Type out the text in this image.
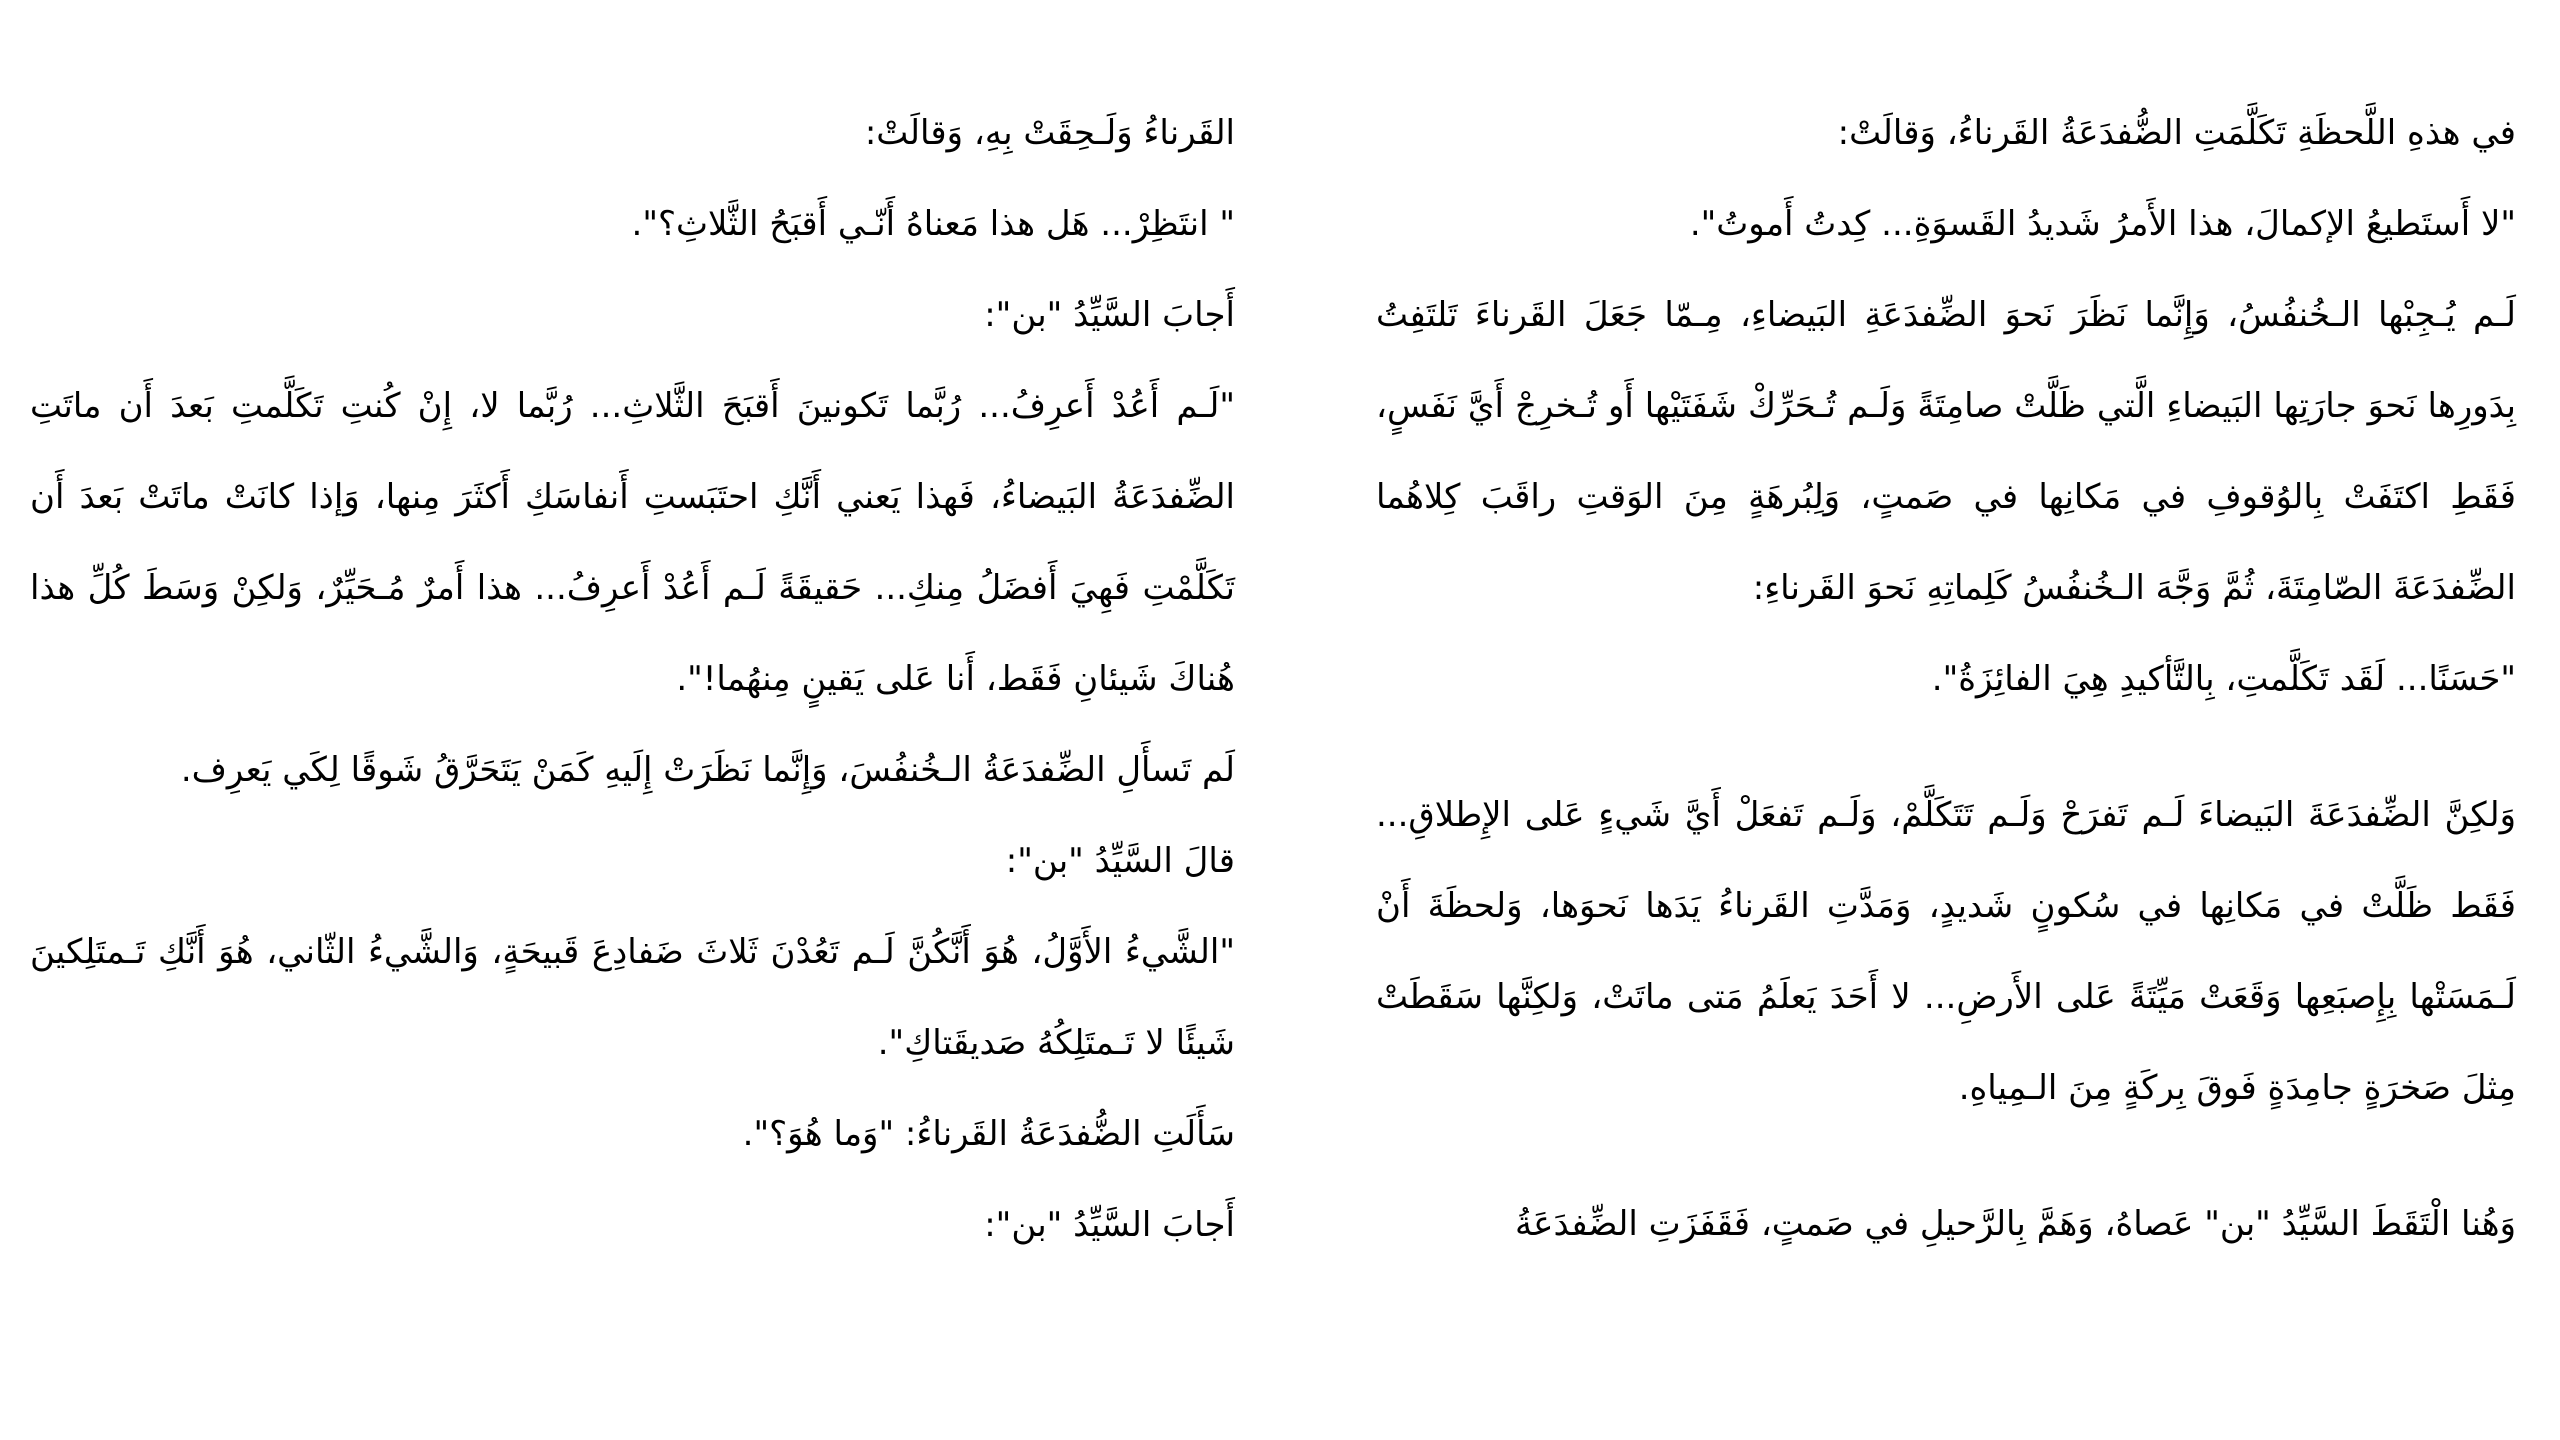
في هذهِ اللَّحظَةِ تَكَلَّمَتِ الضُّفدَعَةُ القَرناءُ، وَقالَتْ:

"لا أَستَطيعُ الإكمالَ، هذا الأَمرُ شَديدُ القَسوَةِ... كِدتُ أَموتُ".

لَـم يُـجِبْها الـخُنفُسُ، وَإِنَّما نَظَرَ نَحوَ الضِّفدَعَةِ البَيضاءِ، مِـمّا جَعَلَ القَرناءَ تَلتَفِتُ بِدَورِها نَحوَ جارَتِها البَيضاءِ الَّتي ظَلَّتْ صامِتَةً وَلَـم تُـحَرِّكْ شَفَتَيْها أَو تُـخرِجْ أَيَّ نَفَسٍ، فَقَطِ اكتَفَتْ بِالوُقوفِ في مَكانِها في صَمتٍ، وَلِبُرهَةٍ مِنَ الوَقتِ راقَبَ كِلاهُما الضِّفدَعَةَ الصّامِتَةَ، ثُمَّ وَجَّهَ الـخُنفُسُ كَلِماتِهِ نَحوَ القَرناءِ:

"حَسَنًا... لَقَد تَكَلَّمتِ، بِالتَّأكيدِ هِيَ الفائِزَةُ".

وَلكِنَّ الضِّفدَعَةَ البَيضاءَ لَـم تَفرَحْ وَلَـم تَتَكَلَّمْ، وَلَـم تَفعَلْ أَيَّ شَيءٍ عَلى الإِطلاقِ... فَقَط ظَلَّتْ في مَكانِها في سُكونٍ شَديدٍ، وَمَدَّتِ القَرناءُ يَدَها نَحوَها، وَلحظَةَ أَنْ لَـمَسَتْها بِإِصبَعِها وَقَعَتْ مَيِّتَةً عَلى الأَرضِ... لا أَحَدَ يَعلَمُ مَتى ماتَتْ، وَلكِنَّها سَقَطَتْ مِثلَ صَخرَةٍ جامِدَةٍ فَوقَ بِركَةٍ مِنَ الـمِياهِ.

وَهُنا الْتَقَطَ السَّيِّدُ "بن" عَصاهُ، وَهَمَّ بِالرَّحيلِ في صَمتٍ، فَقَفَزَتِ الضِّفدَعَةُ

القَرناءُ وَلَـحِقَتْ بِهِ، وَقالَتْ:

" انتَظِرْ... هَل هذا مَعناهُ أَنّـي أَقبَحُ الثَّلاثِ؟".

أَجابَ السَّيِّدُ "بن":

"لَـم أَعُدْ أَعرِفُ... رُبَّما تَكونينَ أَقبَحَ الثَّلاثِ... رُبَّما لا، إِنْ كُنتِ تَكَلَّمتِ بَعدَ أَن ماتَتِ الضِّفدَعَةُ البَيضاءُ، فَهذا يَعني أَنَّكِ احتَبَستِ أَنفاسَكِ أَكثَرَ مِنها، وَإذا كانَتْ ماتَتْ بَعدَ أَن تَكَلَّمْتِ فَهِيَ أَفضَلُ مِنكِ... حَقيقَةً لَـم أَعُدْ أَعرِفُ... هذا أَمرٌ مُـحَيِّرٌ، وَلكِنْ وَسَطَ كُلِّ هذا هُناكَ شَيئانِ فَقَط، أَنا عَلى يَقينٍ مِنهُما!".

لَم تَسأَلِ الضِّفدَعَةُ الـخُنفُسَ، وَإِنَّما نَظَرَتْ إِلَيهِ كَمَنْ يَتَحَرَّقُ شَوقًا لِكَي يَعرِف.

قالَ السَّيِّدُ "بن":

"الشَّيءُ الأَوَّلُ، هُوَ أَنَّكُنَّ لَـم تَعُدْنَ ثَلاثَ ضَفادِعَ قَبيحَةٍ، وَالشَّيءُ الثّاني، هُوَ أَنَّكِ تَـمتَلِكينَ شَيئًا لا تَـمتَلِكُهُ صَديقَتاكِ".

سَأَلَتِ الضُّفدَعَةُ القَرناءُ: "وَما هُوَ؟".

أَجابَ السَّيِّدُ "بن":
